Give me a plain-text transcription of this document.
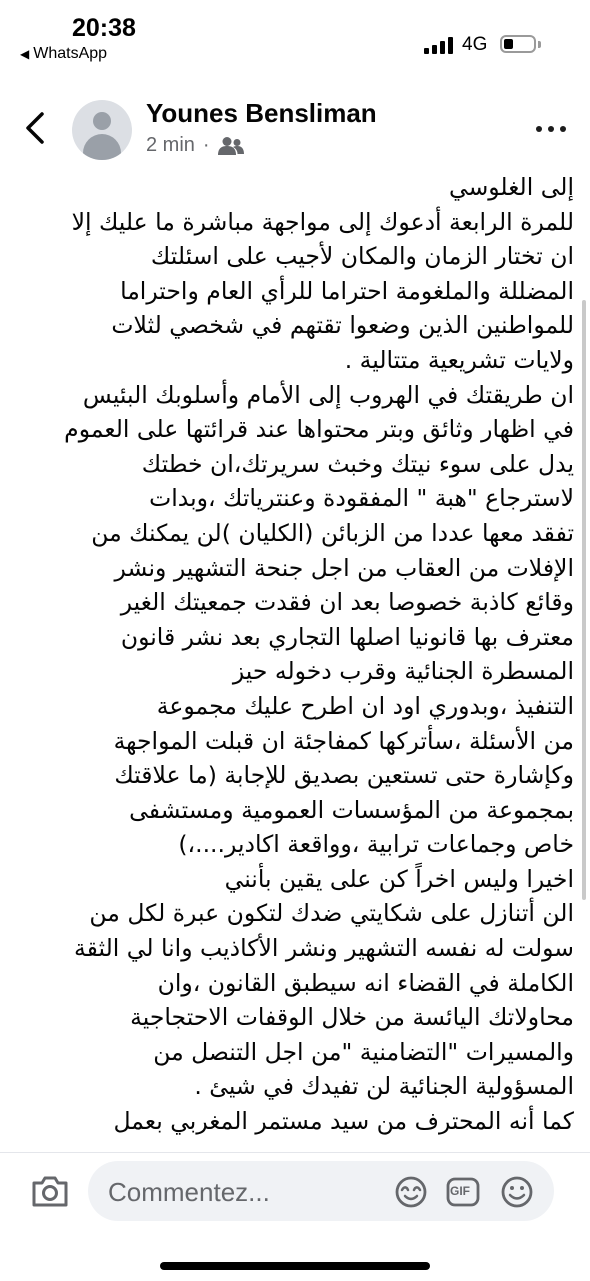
20:38
◀ WhatsApp	4G
Younes Bensliman
2 min ·
إلى الغلوسي
للمرة الرابعة أدعوك إلى مواجهة مباشرة ما عليك إلا
ان تختار الزمان والمكان لأجيب على اسئلتك
المضللة والملغومة احتراما للرأي العام واحتراما
للمواطنين الذين وضعوا تقتهم في شخصي لثلات
ولايات تشريعية متتالية .
ان طريقتك في الهروب إلى الأمام وأسلوبك البئيس
في اظهار وثائق وبتر محتواها عند قرائتها على العموم
يدل على سوء نيتك وخبث سريرتك،ان خطتك
لاسترجاع "هبة " المفقودة وعنترياتك ،وبدات
تفقد معها عددا من الزبائن (الكليان )لن يمكنك من
الإفلات من العقاب من اجل جنحة التشهير ونشر
وقائع كاذبة خصوصا بعد ان فقدت جمعيتك الغير
معترف بها قانونيا اصلها التجاري بعد نشر قانون
المسطرة الجنائية وقرب دخوله حيز
التنفيذ ،وبدوري اود ان اطرح عليك مجموعة
من الأسئلة ،سأتركها كمفاجئة ان قبلت المواجهة
وكإشارة حتى تستعين بصديق للإجابة (ما علاقتك
بمجموعة من المؤسسات العمومية ومستشفى
خاص وجماعات ترابية ،وواقعة اكادير....،)
اخيرا وليس اخراً كن على يقين بأنني
الن أتنازل على شكايتي ضدك لتكون عبرة لكل من
سولت له نفسه التشهير ونشر الأكاذيب وانا لي الثقة
الكاملة في القضاء انه سيطبق القانون ،وان
محاولاتك اليائسة من خلال الوقفات الاحتجاجية
والمسيرات "التضامنية "من اجل التنصل من
المسؤولية الجنائية لن تفيدك في شيئ .
كما أنه المحترف من سيد مستمر المغربي بعمل
Commentez...	GIF
